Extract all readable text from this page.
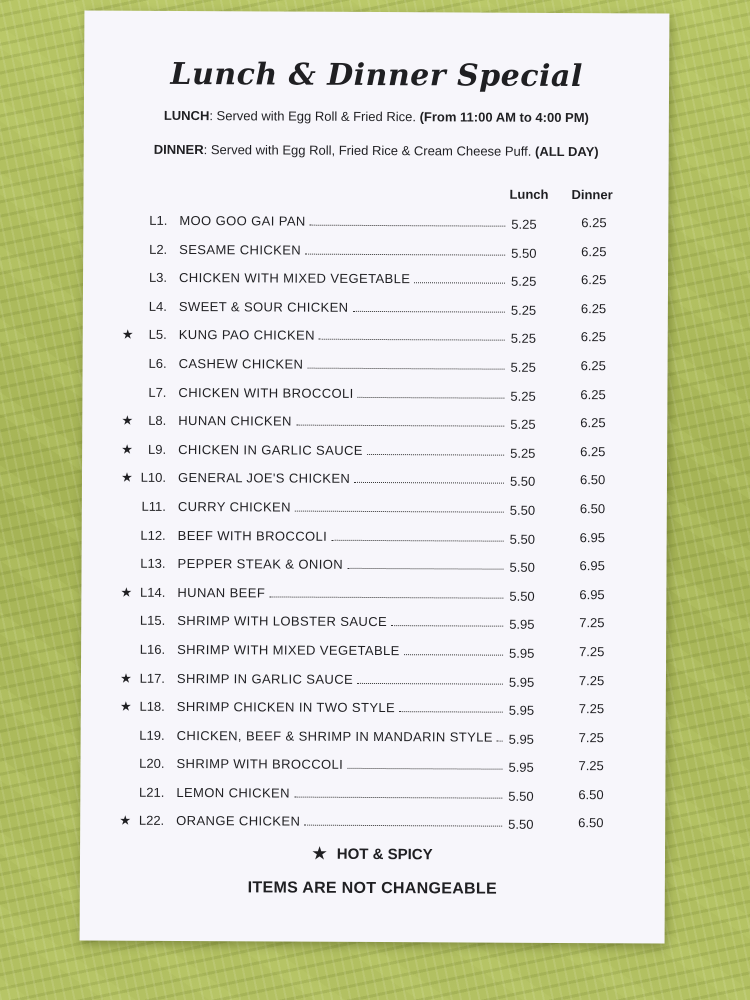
Lunch & Dinner Special
LUNCH: Served with Egg Roll & Fried Rice. (From 11:00 AM to 4:00 PM)
DINNER: Served with Egg Roll, Fried Rice & Cream Cheese Puff. (ALL DAY)
Lunch Dinner
L1. MOO GOO GAI PAN	5.25	6.25
L2. SESAME CHICKEN	5.50	6.25
L3. CHICKEN WITH MIXED VEGETABLE	5.25	6.25
L4. SWEET & SOUR CHICKEN	5.25	6.25
★	L5. KUNG PAO CHICKEN	5.25	6.25
L6. CASHEW CHICKEN	5.25	6.25
L7. CHICKEN WITH BROCCOLI	5.25	6.25
★	L8. HUNAN CHICKEN	5.25	6.25
★	L9. CHICKEN IN GARLIC SAUCE	5.25	6.25
★ L10. GENERAL JOE'S CHICKEN	5.50	6.50
L11. CURRY CHICKEN	5.50	6.50
L12. BEEF WITH BROCCOLI	5.50	6.95
L13. PEPPER STEAK & ONION	5.50	6.95
★ L14. HUNAN BEEF	5.50	6.95
L15. SHRIMP WITH LOBSTER SAUCE	5.95	7.25
L16. SHRIMP WITH MIXED VEGETABLE	5.95	7.25
★ L17. SHRIMP IN GARLIC SAUCE	5.95	7.25
★ L18. SHRIMP CHICKEN IN TWO STYLE	5.95	7.25
L19. CHICKEN, BEEF & SHRIMP IN MANDARIN STYLE 5.95	7.25
L20. SHRIMP WITH BROCCOLI	5.95	7.25
L21. LEMON CHICKEN	5.50	6.50
★ L22. ORANGE CHICKEN	5.50	6.50
★ HOT & SPICY
ITEMS ARE NOT CHANGEABLE
